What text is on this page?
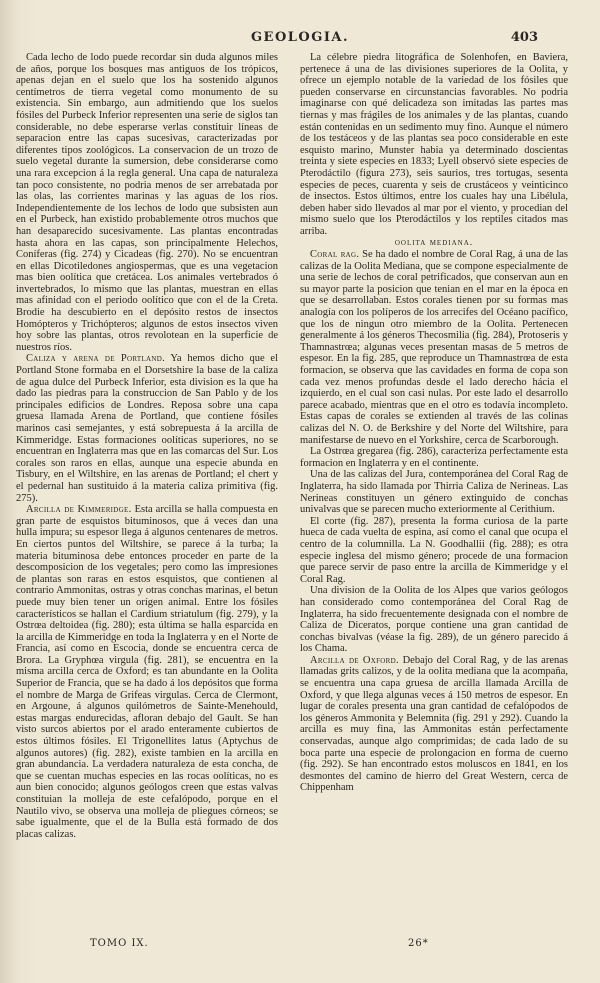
GEOLOGIA.	403

Cada lecho de lodo puede recordar sin duda algunos miles de años, porque los bosques mas antiguos de los trópicos, apenas dejan en el suelo que los ha sostenido algunos centímetros de tierra vegetal como monumento de su existencia. Sin embargo, aun admitiendo que los suelos fósiles del Purbeck Inferior representen una serie de siglos tan considerable, no debe esperarse verlas constituir líneas de separacion entre las capas sucesivas, caracterizadas por diferentes tipos zoológicos. La conservacion de un trozo de suelo vegetal durante la sumersion, debe considerarse como una rara excepcion á la regla general. Una capa de naturaleza tan poco consistente, no podria menos de ser arrebatada por las olas, las corrientes marinas y las aguas de los rios. Independientemente de los lechos de lodo que subsisten aun en el Purbeck, han existido probablemente otros muchos que han desaparecido sucesivamente. Las plantas encontradas hasta ahora en las capas, son principalmente Helechos, Coníferas (fig. 274) y Cicadeas (fig. 270). No se encuentran en ellas Dicotiledones angiospermas, que es una vegetacion mas bien oolítica que cretácea. Los animales vertebrados ó invertebrados, lo mismo que las plantas, muestran en ellas mas afinidad con el periodo oolítico que con el de la Creta. Brodie ha descubierto en el depósito restos de insectos Homópteros y Trichópteros; algunos de estos insectos viven hoy sobre las plantas, otros revolotean en la superficie de nuestros ríos.

Caliza y arena de Portland. Ya hemos dicho que el Portland Stone formaba en el Dorsetshire la base de la caliza de agua dulce del Purbeck Inferior, esta division es la que ha dado las piedras para la construccion de San Pablo y de los principales edificios de Londres. Reposa sobre una capa gruesa llamada Arena de Portland, que contiene fósiles marinos casi semejantes, y está sobrepuesta á la arcilla de Kimmeridge. Estas formaciones oolíticas superiores, no se encuentran en Inglaterra mas que en las comarcas del Sur. Los corales son raros en ellas, aunque una especie abunda en Tisbury, en el Wiltshire, en las arenas de Portland; el chert y el pedernal han sustituido á la materia caliza primitiva (fig. 275).

Arcilla de Kimmeridge. Esta arcilla se halla compuesta en gran parte de esquistos bituminosos, que á veces dan una hulla impura; su espesor llega á algunos centenares de metros. En ciertos puntos del Wiltshire, se parece á la turba; la materia bituminosa debe entonces proceder en parte de la descomposicion de los vegetales; pero como las impresiones de plantas son raras en estos esquistos, que contienen al contrario Ammonitas, ostras y otras conchas marinas, el betun puede muy bien tener un orígen animal. Entre los fósiles característicos se hallan el Cardium striatulum (fig. 279), y la Ostrœa deltoidea (fig. 280); esta última se halla esparcida en la arcilla de Kimmeridge en toda la Inglaterra y en el Norte de Francia, así como en Escocia, donde se encuentra cerca de Brora. La Gryphœa virgula (fig. 281), se encuentra en la misma arcilla cerca de Oxford; es tan abundante en la Oolita Superior de Francia, que se ha dado á los depósitos que forma el nombre de Marga de Grifeas virgulas. Cerca de Clermont, en Argoune, á algunos quilómetros de Sainte-Menehould, estas margas endurecidas, afloran debajo del Gault. Se han visto surcos abiertos por el arado enteramente cubiertos de estos últimos fósiles. El Trigonellites latus (Aptychus de algunos autores) (fig. 282), existe tambien en la arcilla en gran abundancia. La verdadera naturaleza de esta concha, de que se cuentan muchas especies en las rocas oolíticas, no es aun bien conocido; algunos geólogos creen que estas valvas constituian la molleja de este cefalópodo, porque en el Nautilo vivo, se observa una molleja de pliegues córneos; se sabe igualmente, que el de la Bulla está formado de dos placas calizas.

La célebre piedra litográfica de Solenhofen, en Baviera, pertenece á una de las divisiones superiores de la Oolita, y ofrece un ejemplo notable de la variedad de los fósiles que pueden conservarse en circunstancias favorables. No podria imaginarse con qué delicadeza son imitadas las partes mas tiernas y mas frágiles de los animales y de las plantas, cuando están contenidas en un sedimento muy fino. Aunque el número de los testáceos y de las plantas sea poco considerable en este esquisto marino, Munster habia ya determinado doscientas treinta y siete especies en 1833; Lyell observó siete especies de Pterodáctilo (figura 273), seis saurios, tres tortugas, sesenta especies de peces, cuarenta y seis de crustáceos y veinticinco de insectos. Estos últimos, entre los cuales hay una Libélula, deben haber sido llevados al mar por el viento, y procedian del mismo suelo que los Pterodáctilos y los reptiles citados mas arriba.

oolita mediana.

Coral rag. Se ha dado el nombre de Coral Rag, á una de las calizas de la Oolita Mediana, que se compone especialmente de una serie de lechos de coral petrificados, que conservan aun en su mayor parte la posicion que tenian en el mar en la época en que se desarrollaban. Estos corales tienen por su formas mas analogía con los políperos de los arrecifes del Océano pacífico, que los de ningun otro miembro de la Oolita. Pertenecen generalmente á los géneros Thecosmilia (fig. 284), Protoseris y Thamnastrœa; algunas veces presentan masas de 5 metros de espesor. En la fig. 285, que reproduce un Thamnastrœa de esta formacion, se observa que las cavidades en forma de copa son cada vez menos profundas desde el lado derecho hácia el izquierdo, en el cual son casi nulas. Por este lado el desarrollo parece acabado, mientras que en el otro es todavía incompleto. Estas capas de corales se extienden al través de las colinas calizas del N. O. de Berkshire y del Norte del Wiltshire, para manifestarse de nuevo en el Yorkshire, cerca de Scarborough.

La Ostrœa gregarea (fig. 286), caracteriza perfectamente esta formacion en Inglaterra y en el continente.

Una de las calizas del Jura, contemporánea del Coral Rag de Inglaterra, ha sido llamada por Thirria Caliza de Nerineas. Las Nerineas constituyen un género extinguido de conchas univalvas que se parecen mucho exteriormente al Cerithium.

El corte (fig. 287), presenta la forma curiosa de la parte hueca de cada vuelta de espina, así como el canal que ocupa el centro de la columnilla. La N. Goodhallii (fig. 288); es otra especie inglesa del mismo género; procede de una formacion que parece servir de paso entre la arcilla de Kimmeridge y el Coral Rag.

Una division de la Oolita de los Alpes que varios geólogos han considerado como contemporánea del Coral Rag de Inglaterra, ha sido frecuentemente designada con el nombre de Caliza de Diceratos, porque contiene una gran cantidad de conchas bivalvas (véase la fig. 289), de un género parecido á los Chama.

Arcilla de Oxford. Debajo del Coral Rag, y de las arenas llamadas grits calizos, y de la oolita mediana que la acompaña, se encuentra una capa gruesa de arcilla llamada Arcilla de Oxford, y que llega algunas veces á 150 metros de espesor. En lugar de corales presenta una gran cantidad de cefalópodos de los géneros Ammonita y Belemnita (fig. 291 y 292). Cuando la arcilla es muy fina, las Ammonitas están perfectamente conservadas, aunque algo comprimidas; de cada lado de su boca parte una especie de prolongacion en forma de cuerno (fig. 292). Se han encontrado estos moluscos en 1841, en los desmontes del camino de hierro del Great Western, cerca de Chippenham

TOMO IX.	26*
